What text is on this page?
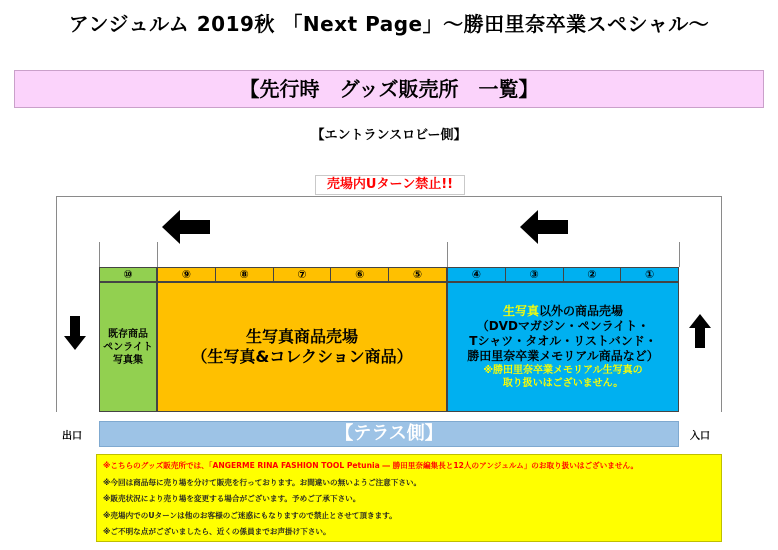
アンジュルム 2019秋 「Next Page」〜勝田里奈卒業スペシャル〜
【先行時　グッズ販売所　一覧】
【エントランスロビー側】
売場内Uターン禁止!!
⑩	⑨	⑧	⑦	⑥	⑤	④	③	②	①
既存商品
ペンライト
写真集
生写真商品売場
（生写真&コレクション商品）
生写真以外の商品売場
（DVDマガジン・ペンライト・
Tシャツ・タオル・リストバンド・
勝田里奈卒業メモリアル商品など）
※勝田里奈卒業メモリアル生写真の
取り扱いはございません。
出口	入口
【テラス側】
※こちらのグッズ販売所では、「ANGERME RINA FASHION TOOL Petunia ― 勝田里奈編集長と12人のアンジュルム」のお取り扱いはございません。
※今回は商品毎に売り場を分けて販売を行っております。お間違いの無いようご注意下さい。
※販売状況により売り場を変更する場合がございます。予めご了承下さい。
※売場内でのUターンは他のお客様のご迷惑にもなりますので禁止とさせて頂きます。
※ご不明な点がございましたら、近くの係員までお声掛け下さい。
